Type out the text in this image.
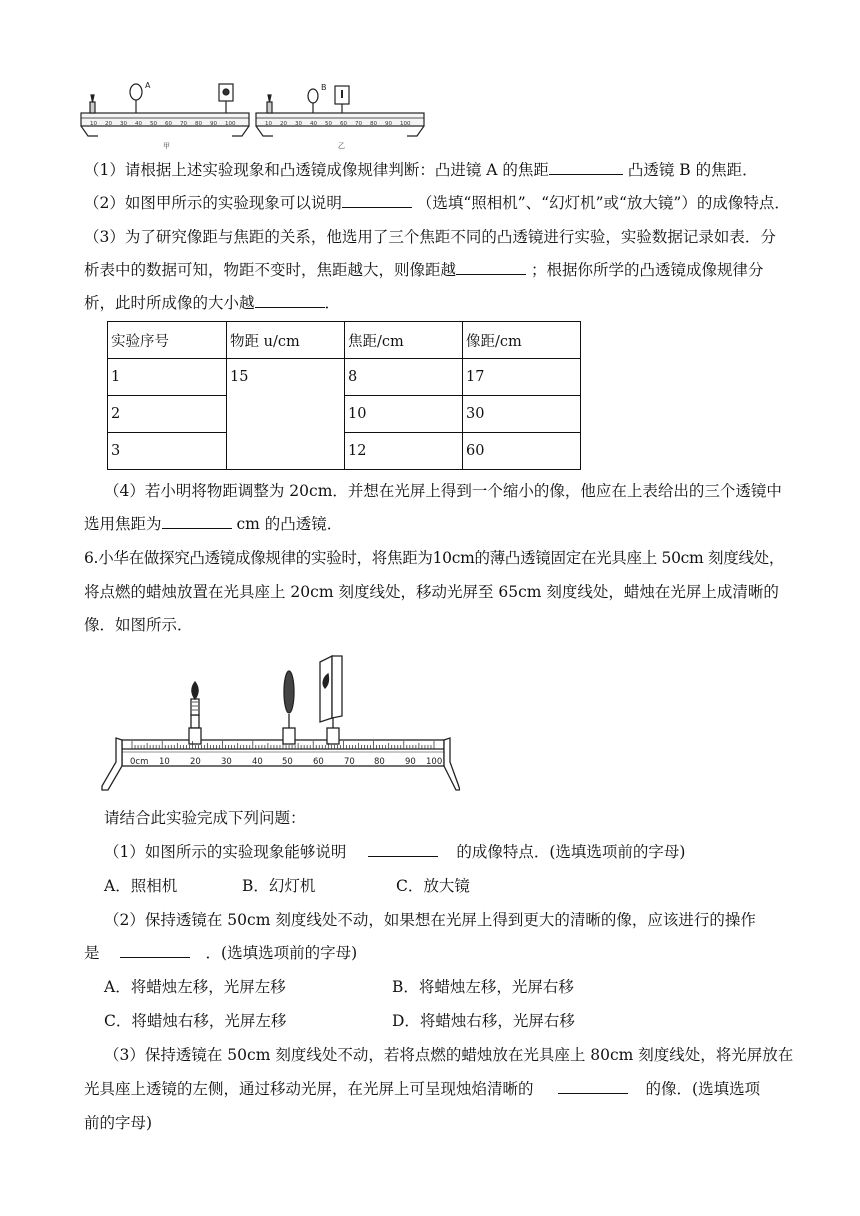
A
10 20 30 40 50 60 70 80 90 100
甲
B
10 20 30 40 50 60 70 80 90 100
乙
（1）请根据上述实验现象和凸透镜成像规律判断：凸进镜 A 的焦距	凸透镜 B 的焦距．
（2）如图甲所示的实验现象可以说明	（选填“照相机”、“幻灯机”或“放大镜”）的成像特点．
（3）为了研究像距与焦距的关系，他选用了三个焦距不同的凸透镜进行实验，实验数据记录如表．分
析表中的数据可知，物距不变时，焦距越大，则像距越	；根据你所学的凸透镜成像规律分
析，此时所成像的大小越	．
实验序号	物距 u/cm	焦距/cm	像距/cm
1	15	8	17
2		10	30
3		12	60
（4）若小明将物距调整为 20cm．并想在光屏上得到一个缩小的像，他应在上表给出的三个透镜中
选用焦距为	cm 的凸透镜．
6.小华在做探究凸透镜成像规律的实验时，将焦距为10cm的薄凸透镜固定在光具座上 50cm 刻度线处，
将点燃的蜡烛放置在光具座上 20cm 刻度线处，移动光屏至 65cm 刻度线处，蜡烛在光屏上成清晰的
像．如图所示．
0cm 10 20 30 40 50 60 70 80 90 100
请结合此实验完成下列问题：
（1）如图所示的实验现象能够说明	的成像特点．(选填选项前的字母)
A．照相机	B．幻灯机	C．放大镜
（2）保持透镜在 50cm 刻度线处不动，如果想在光屏上得到更大的清晰的像，应该进行的操作
是	．(选填选项前的字母)
A．将蜡烛左移，光屏左移	B．将蜡烛左移，光屏右移
C．将蜡烛右移，光屏左移	D．将蜡烛右移，光屏右移
（3）保持透镜在 50cm 刻度线处不动，若将点燃的蜡烛放在光具座上 80cm 刻度线处，将光屏放在
光具座上透镜的左侧，通过移动光屏，在光屏上可呈现烛焰清晰的	的像．(选填选项
前的字母)
